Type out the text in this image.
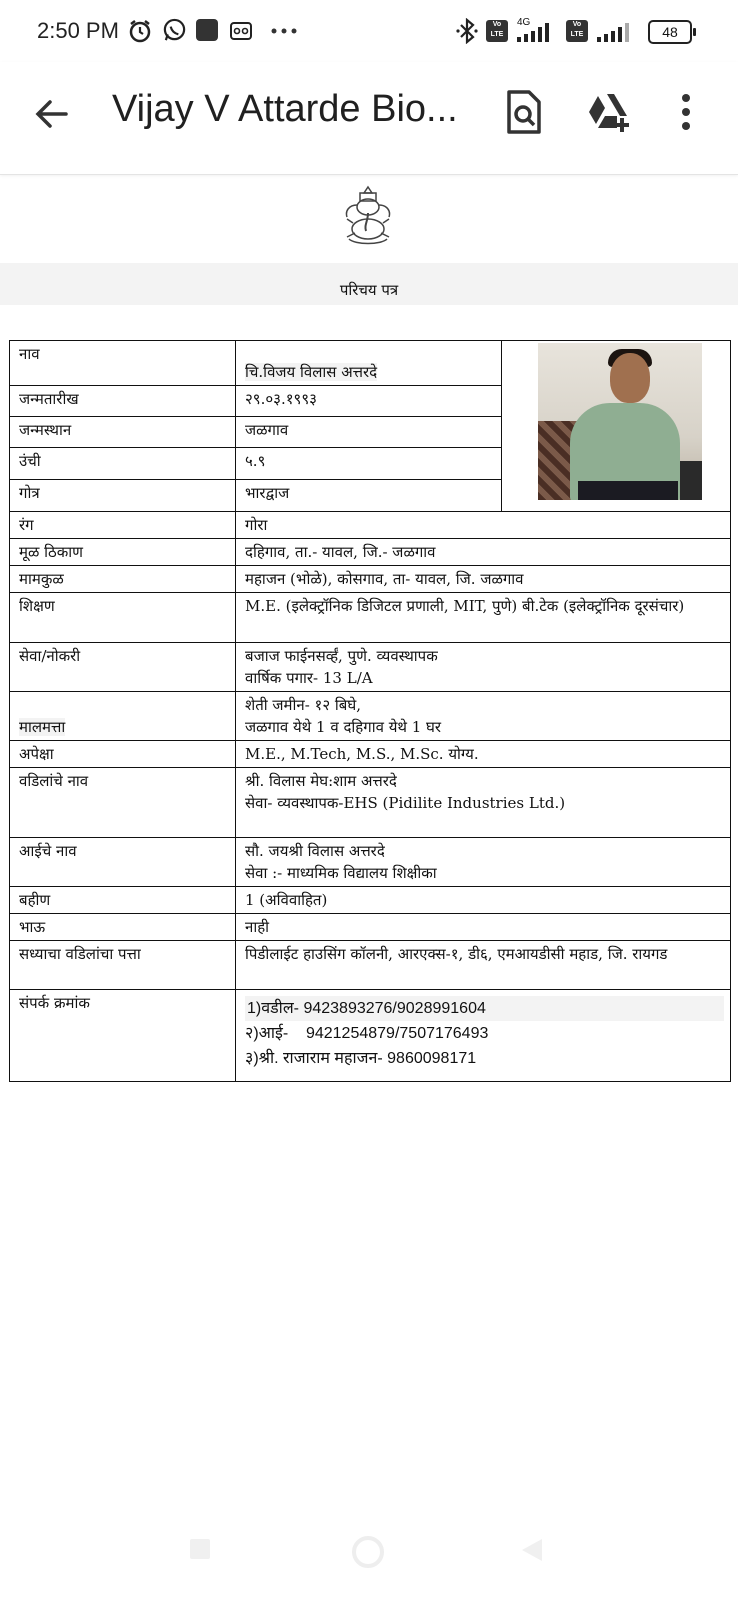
2:50 PM	Vo
LTE
4G	Vo
LTE	48
Vijay V Attarde Bio...
परिचय पत्र
नाव	चि.विजय विलास अत्तरदे	

जन्मतारीख	२९.०३.१९९३	
जन्मस्थान	जळगाव	
उंची	५.९	
गोत्र	भारद्वाज	
रंग	गोरा	
मूळ ठिकाण	दहिगाव, ता.- यावल, जि.- जळगाव	
मामकुळ	महाजन (भोळे), कोसगाव, ता- यावल, जि. जळगाव	
शिक्षण	M.E. (इलेक्ट्रॉनिक डिजिटल प्रणाली, MIT, पुणे) बी.टेक (इलेक्ट्रॉनिक दूरसंचार)	
सेवा/नोकरी	बजाज फाईनसर्व्हं, पुणे. व्यवस्थापक
वार्षिक पगार- 13 L/A	

मालमत्ता	शेती जमीन- १२ बिघे,
जळगाव येथे 1 व दहिगाव येथे 1 घर	

अपेक्षा	M.E., M.Tech, M.S., M.Sc. योग्य.	
वडिलांचे नाव	श्री. विलास मेघ:शाम अत्तरदे
सेवा- व्यवस्थापक-EHS (Pidilite Industries Ltd.)	

आईचे नाव	सौ. जयश्री विलास अत्तरदे
सेवा :- माध्यमिक विद्यालय शिक्षीका	

बहीण	1 (अविवाहित)	
भाऊ	नाही	
सध्याचा वडिलांचा पत्ता	पिडीलाईट हाउसिंग कॉलनी, आरएक्स-१, डी६, एमआयडीसी महाड, जि. रायगड	
संपर्क क्रमांक	1)वडील- 9423893276/9028991604
२)आई-    9421254879/7507176493
३)श्री. राजाराम महाजन- 9860098171	
